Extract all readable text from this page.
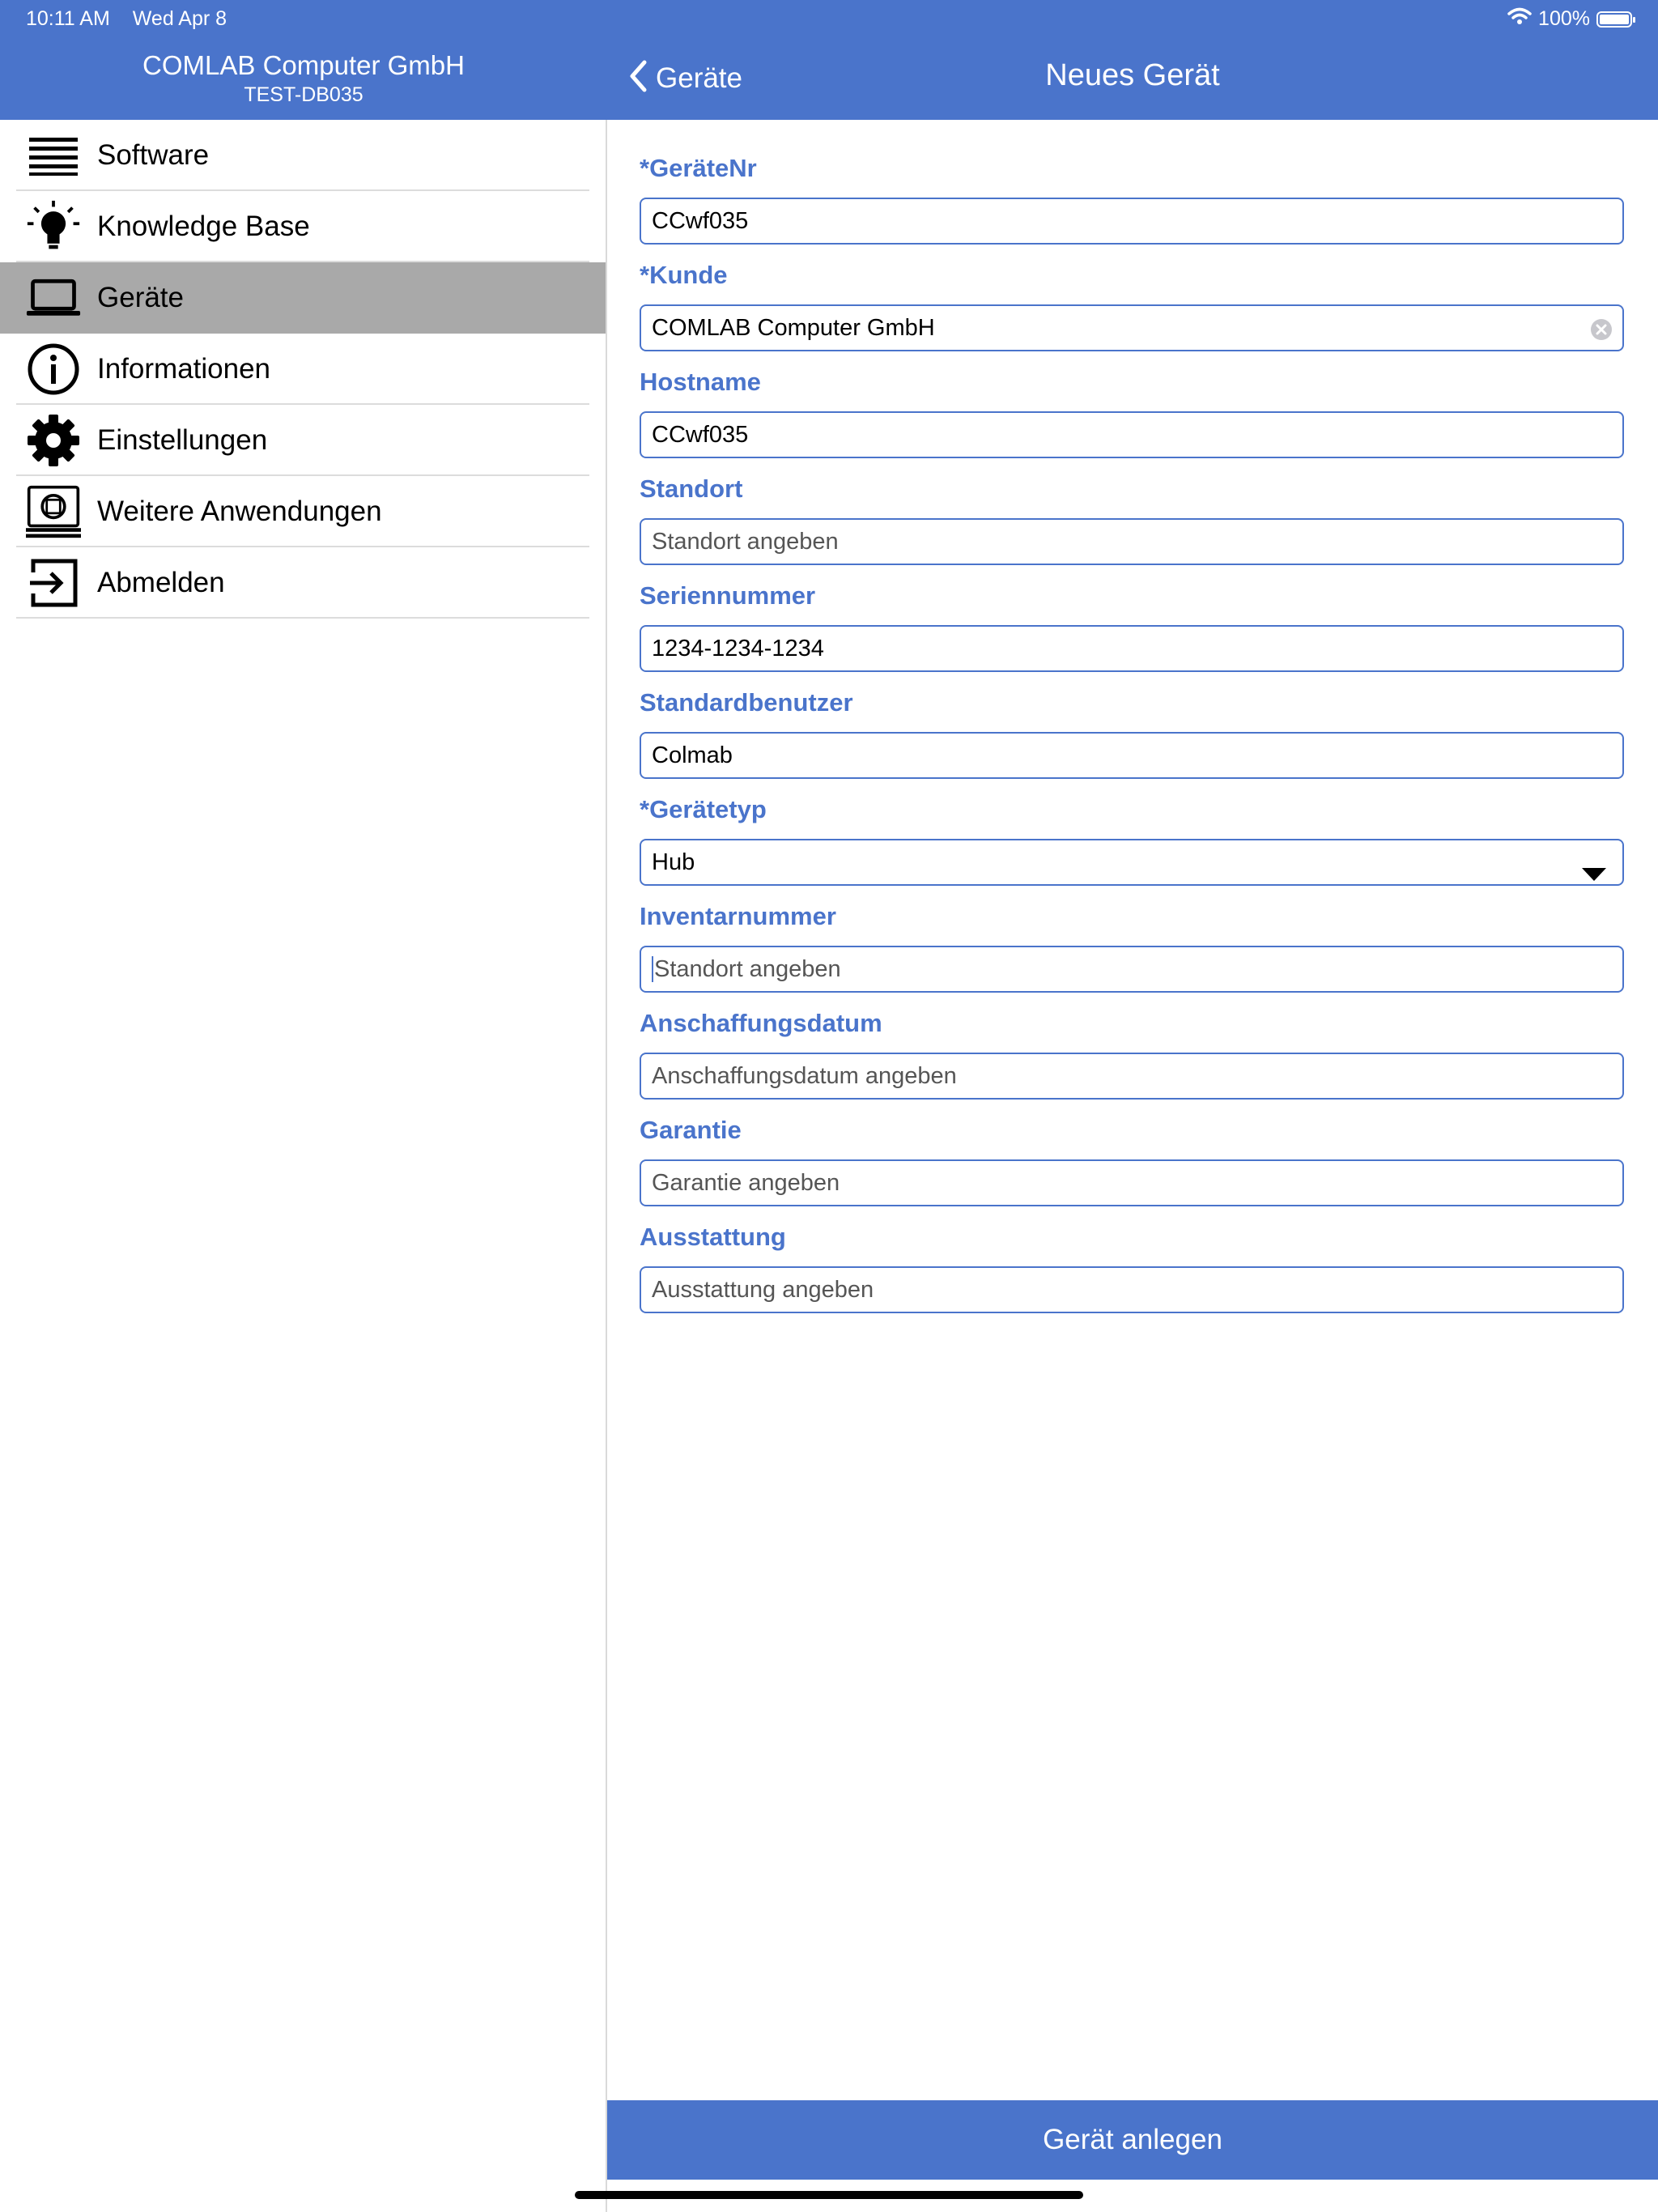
COMLAB Computer GmbH
TEST-DB035
Software
Knowledge Base
Geräte
Informationen
Einstellungen
Weitere Anwendungen
Abmelden
Geräte	Neues Gerät
*GeräteNr
CCwf035
*Kunde
COMLAB Computer GmbH
Hostname
CCwf035
Standort
Standort angeben
Seriennummer
1234-1234-1234
Standardbenutzer
Colmab
*Gerätetyp
Hub
Inventarnummer
Standort angeben
Anschaffungsdatum
Anschaffungsdatum angeben
Garantie
Garantie angeben
Ausstattung
Ausstattung angeben
Gerät anlegen
10:11 AM Wed Apr 8	100%
